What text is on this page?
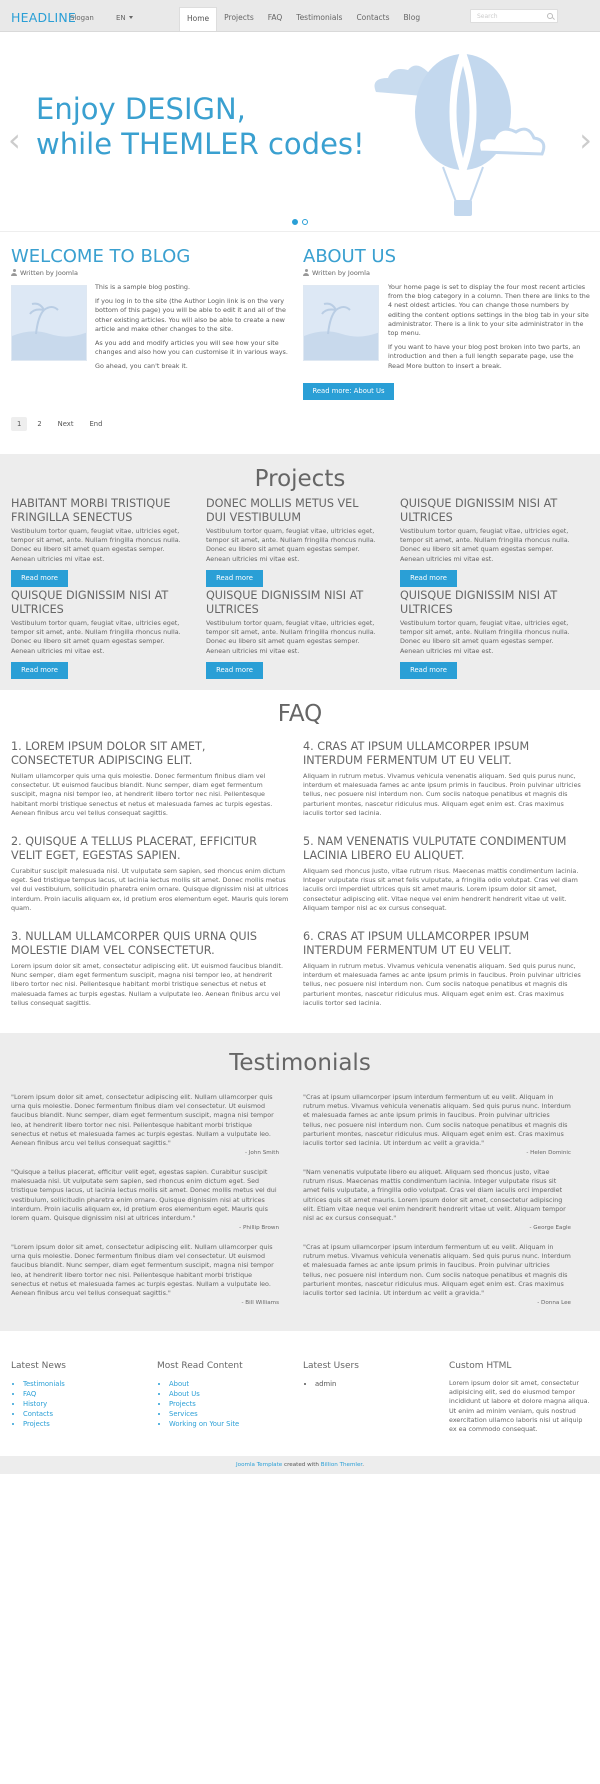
HEADLINE
Slogan	EN	Home	Projects	FAQ	Testimonials	Contacts	Blog	Search
‹
Enjoy DESIGN,
while THEMLER codes!	›
WELCOME TO BLOG
Written by Joomla

This is a sample blog posting.

If you log in to the site (the Author Login link is on the very bottom of this page) you will be able to edit it and all of the other existing articles. You will also be able to create a new article and make other changes to the site.

As you add and modify articles you will see how your site changes and also how you can customise it in various ways.

Go ahead, you can't break it.

ABOUT US
Written by Joomla

Your home page is set to display the four most recent articles from the blog category in a column. Then there are links to the 4 nest oldest articles. You can change those numbers by editing the content options settings in the blog tab in your site administrator. There is a link to your site administrator in the top menu.

If you want to have your blog post broken into two parts, an introduction and then a full length separate page, use the Read More button to insert a break.

Read more: About Us
1	2	Next	End
Projects
HABITANT MORBI TRISTIQUE FRINGILLA SENECTUS

Vestibulum tortor quam, feugiat vitae, ultricies eget, tempor sit amet, ante. Nullam fringilla rhoncus nulla. Donec eu libero sit amet quam egestas semper. Aenean ultricies mi vitae est.

Read more
DONEC MOLLIS METUS VEL DUI VESTIBULUM

Vestibulum tortor quam, feugiat vitae, ultricies eget, tempor sit amet, ante. Nullam fringilla rhoncus nulla. Donec eu libero sit amet quam egestas semper. Aenean ultricies mi vitae est.

Read more
QUISQUE DIGNISSIM NISI AT ULTRICES

Vestibulum tortor quam, feugiat vitae, ultricies eget, tempor sit amet, ante. Nullam fringilla rhoncus nulla. Donec eu libero sit amet quam egestas semper. Aenean ultricies mi vitae est.

Read more
QUISQUE DIGNISSIM NISI AT ULTRICES

Vestibulum tortor quam, feugiat vitae, ultricies eget, tempor sit amet, ante. Nullam fringilla rhoncus nulla. Donec eu libero sit amet quam egestas semper. Aenean ultricies mi vitae est.

Read more
QUISQUE DIGNISSIM NISI AT ULTRICES

Vestibulum tortor quam, feugiat vitae, ultricies eget, tempor sit amet, ante. Nullam fringilla rhoncus nulla. Donec eu libero sit amet quam egestas semper. Aenean ultricies mi vitae est.

Read more
QUISQUE DIGNISSIM NISI AT ULTRICES

Vestibulum tortor quam, feugiat vitae, ultricies eget, tempor sit amet, ante. Nullam fringilla rhoncus nulla. Donec eu libero sit amet quam egestas semper. Aenean ultricies mi vitae est.

Read more
FAQ
1. LOREM IPSUM DOLOR SIT AMET, CONSECTETUR ADIPISCING ELIT.

Nullam ullamcorper quis urna quis molestie. Donec fermentum finibus diam vel consectetur. Ut euismod faucibus blandit. Nunc semper, diam eget fermentum suscipit, magna nisi tempor leo, at hendrerit libero tortor nec nisi. Pellentesque habitant morbi tristique senectus et netus et malesuada fames ac turpis egestas. Aenean finibus arcu vel tellus consequat sagittis.

2. QUISQUE A TELLUS PLACERAT, EFFICITUR VELIT EGET, EGESTAS SAPIEN.

Curabitur suscipit malesuada nisi. Ut vulputate sem sapien, sed rhoncus enim dictum eget. Sed tristique tempus lacus, ut lacinia lectus mollis sit amet. Donec mollis metus vel dui vestibulum, sollicitudin pharetra enim ornare. Quisque dignissim nisi at ultrices interdum. Proin iaculis aliquam ex, id pretium eros elementum eget. Mauris quis lorem quam.

3. NULLAM ULLAMCORPER QUIS URNA QUIS MOLESTIE DIAM VEL CONSECTETUR.

Lorem ipsum dolor sit amet, consectetur adipiscing elit. Ut euismod faucibus blandit. Nunc semper, diam eget fermentum suscipit, magna nisi tempor leo, at hendrerit libero tortor nec nisi. Pellentesque habitant morbi tristique senectus et netus et malesuada fames ac turpis egestas. Nullam a vulputate leo. Aenean finibus arcu vel tellus consequat sagittis.

4. CRAS AT IPSUM ULLAMCORPER IPSUM INTERDUM FERMENTUM UT EU VELIT.

Aliquam in rutrum metus. Vivamus vehicula venenatis aliquam. Sed quis purus nunc, interdum et malesuada fames ac ante ipsum primis in faucibus. Proin pulvinar ultricies tellus, nec posuere nisl interdum non. Cum sociis natoque penatibus et magnis dis parturient montes, nascetur ridiculus mus. Aliquam eget enim est. Cras maximus iaculis tortor sed lacinia.

5. NAM VENENATIS VULPUTATE CONDIMENTUM LACINIA LIBERO EU ALIQUET.

Aliquam sed rhoncus justo, vitae rutrum risus. Maecenas mattis condimentum lacinia. Integer vulputate risus sit amet felis vulputate, a fringilla odio volutpat. Cras vel diam iaculis orci imperdiet ultrices quis sit amet mauris. Lorem ipsum dolor sit amet, consectetur adipiscing elit. Vitae neque vel enim hendrerit hendrerit vitae ut velit. Aliquam tempor nisl ac ex cursus consequat.

6. CRAS AT IPSUM ULLAMCORPER IPSUM INTERDUM FERMENTUM UT EU VELIT.

Aliquam in rutrum metus. Vivamus vehicula venenatis aliquam. Sed quis purus nunc, interdum et malesuada fames ac ante ipsum primis in faucibus. Proin pulvinar ultricies tellus, nec posuere nisl interdum non. Cum sociis natoque penatibus et magnis dis parturient montes, nascetur ridiculus mus. Aliquam eget enim est. Cras maximus iaculis tortor sed lacinia.

Testimonials

"Lorem ipsum dolor sit amet, consectetur adipiscing elit. Nullam ullamcorper quis urna quis molestie. Donec fermentum finibus diam vel consectetur. Ut euismod faucibus blandit. Nunc semper, diam eget fermentum suscipit, magna nisi tempor leo, at hendrerit libero tortor nec nisi. Pellentesque habitant morbi tristique senectus et netus et malesuada fames ac turpis egestas. Nullam a vulputate leo. Aenean finibus arcu vel tellus consequat sagittis."

- John Smith

"Cras at ipsum ullamcorper ipsum interdum fermentum ut eu velit. Aliquam in rutrum metus. Vivamus vehicula venenatis aliquam. Sed quis purus nunc. Interdum et malesuada fames ac ante ipsum primis in faucibus. Proin pulvinar ultricies tellus, nec posuere nisl interdum non. Cum sociis natoque penatibus et magnis dis parturient montes, nascetur ridiculus mus. Aliquam eget enim est. Cras maximus iaculis tortor sed lacinia. Ut interdum ac velit a gravida."

- Helen Dominic

"Quisque a tellus placerat, efficitur velit eget, egestas sapien. Curabitur suscipit malesuada nisi. Ut vulputate sem sapien, sed rhoncus enim dictum eget. Sed tristique tempus lacus, ut lacinia lectus mollis sit amet. Donec mollis metus vel dui vestibulum, sollicitudin pharetra enim ornare. Quisque dignissim nisi at ultrices interdum. Proin iaculis aliquam ex, id pretium eros elementum eget. Mauris quis lorem quam. Quisque dignissim nisl at ultrices interdum."

- Phillip Brown

"Nam venenatis vulputate libero eu aliquet. Aliquam sed rhoncus justo, vitae rutrum risus. Maecenas mattis condimentum lacinia. Integer vulputate risus sit amet felis vulputate, a fringilla odio volutpat. Cras vel diam iaculis orci imperdiet ultrices quis sit amet mauris. Lorem ipsum dolor sit amet, consectetur adipiscing elit. Etiam vitae neque vel enim hendrerit hendrerit vitae ut velit. Aliquam tempor nisl ac ex cursus consequat."

- George Eagle

"Lorem ipsum dolor sit amet, consectetur adipiscing elit. Nullam ullamcorper quis urna quis molestie. Donec fermentum finibus diam vel consectetur. Ut euismod faucibus blandit. Nunc semper, diam eget fermentum suscipit, magna nisi tempor leo, at hendrerit libero tortor nec nisi. Pellentesque habitant morbi tristique senectus et netus et malesuada fames ac turpis egestas. Nullam a vulputate leo. Aenean finibus arcu vel tellus consequat sagittis."

- Bill Williams

"Cras at ipsum ullamcorper ipsum interdum fermentum ut eu velit. Aliquam in rutrum metus. Vivamus vehicula venenatis aliquam. Sed quis purus nunc. Interdum et malesuada fames ac ante ipsum primis in faucibus. Proin pulvinar ultricies tellus, nec posuere nisl interdum non. Cum sociis natoque penatibus et magnis dis parturient montes, nascetur ridiculus mus. Aliquam eget enim est. Cras maximus iaculis tortor sed lacinia. Ut interdum ac velit a gravida."

- Donna Lee
Latest News
• Testimonials
• FAQ
• History
• Contacts
• Projects
Most Read Content
• About
• About Us
• Projects
• Services
• Working on Your Site
Latest Users
• admin
Custom HTML

Lorem ipsum dolor sit amet, consectetur adipisicing elit, sed do eiusmod tempor incididunt ut labore et dolore magna aliqua. Ut enim ad minim veniam, quis nostrud exercitation ullamco laboris nisi ut aliquip ex ea commodo consequat.

Joomla Template created with Billion Themler.
